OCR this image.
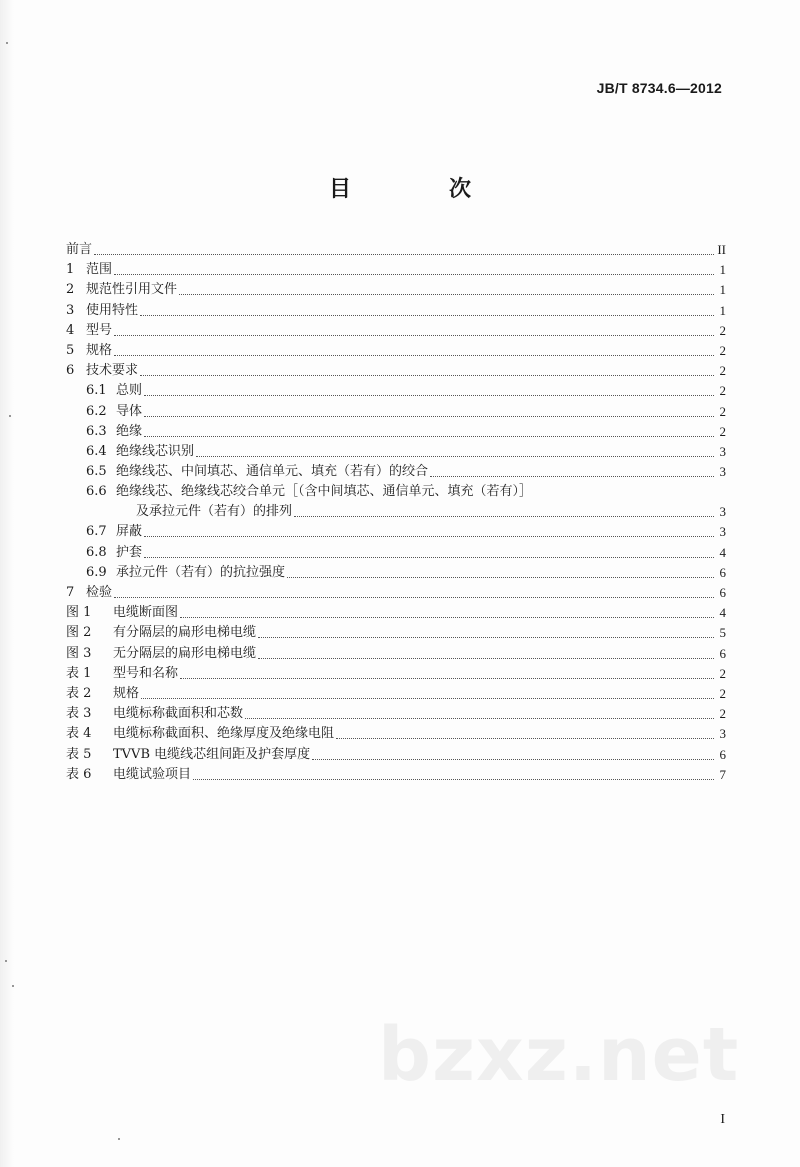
JB/T 8734.6—2012
目　次
前言	II
1 范围	1
2 规范性引用文件	1
3 使用特性	1
4 型号	2
5 规格	2
6 技术要求	2
6.1 总则	2
6.2 导体	2
6.3 绝缘	2
6.4 绝缘线芯识别	3
6.5 绝缘线芯、中间填芯、通信单元、填充（若有）的绞合	3
6.6 绝缘线芯、绝缘线芯绞合单元［（含中间填芯、通信单元、填充（若有）］
及承拉元件（若有）的排列	3
6.7 屏蔽	3
6.8 护套	4
6.9 承拉元件（若有）的抗拉强度	6
7 检验	6
图 1	电缆断面图	4
图 2	有分隔层的扁形电梯电缆	5
图 3	无分隔层的扁形电梯电缆	6
表 1	型号和名称	2
表 2	规格	2
表 3	电缆标称截面积和芯数	2
表 4	电缆标称截面积、绝缘厚度及绝缘电阻	3
表 5	TVVB 电缆线芯组间距及护套厚度	6
表 6	电缆试验项目	7
bzxz.net
I
